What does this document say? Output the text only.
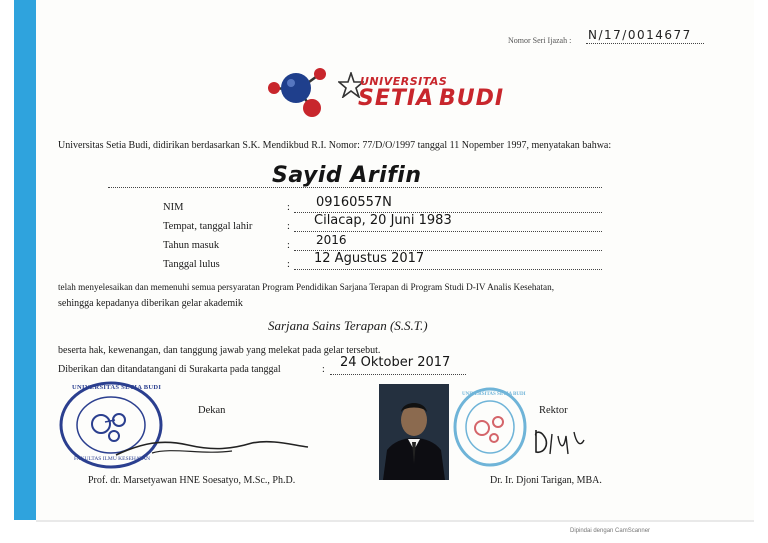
Nomor Seri Ijazah : N/17/0014677
UNIVERSITAS
SETIA BUDI
Universitas Setia Budi, didirikan berdasarkan S.K. Mendikbud R.I. Nomor: 77/D/O/1997 tanggal 11 Nopember 1997, menyatakan bahwa:
Sayid Arifin
NIM	: 09160557N
Tempat, tanggal lahir	: Cilacap, 20 Juni 1983
Tahun masuk	: 2016
Tanggal lulus	: 12 Agustus 2017
telah menyelesaikan dan memenuhi semua persyaratan Program Pendidikan Sarjana Terapan di Program Studi D-IV Analis Kesehatan,
sehingga kepadanya diberikan gelar akademik
Sarjana Sains Terapan (S.S.T.)
beserta hak, kewenangan, dan tanggung jawab yang melekat pada gelar tersebut.
Diberikan dan ditandatangani di Surakarta pada tanggal	: 24 Oktober 2017
UNIVERSITAS SETIA BUDI
FAKULTAS ILMU KESEHATAN
Dekan
Prof. dr. Marsetyawan HNE Soesatyo, M.Sc., Ph.D.
UNIVERSITAS SETIA BUDI
Rektor
Dr. Ir. Djoni Tarigan, MBA.
Dipindai dengan CamScanner
